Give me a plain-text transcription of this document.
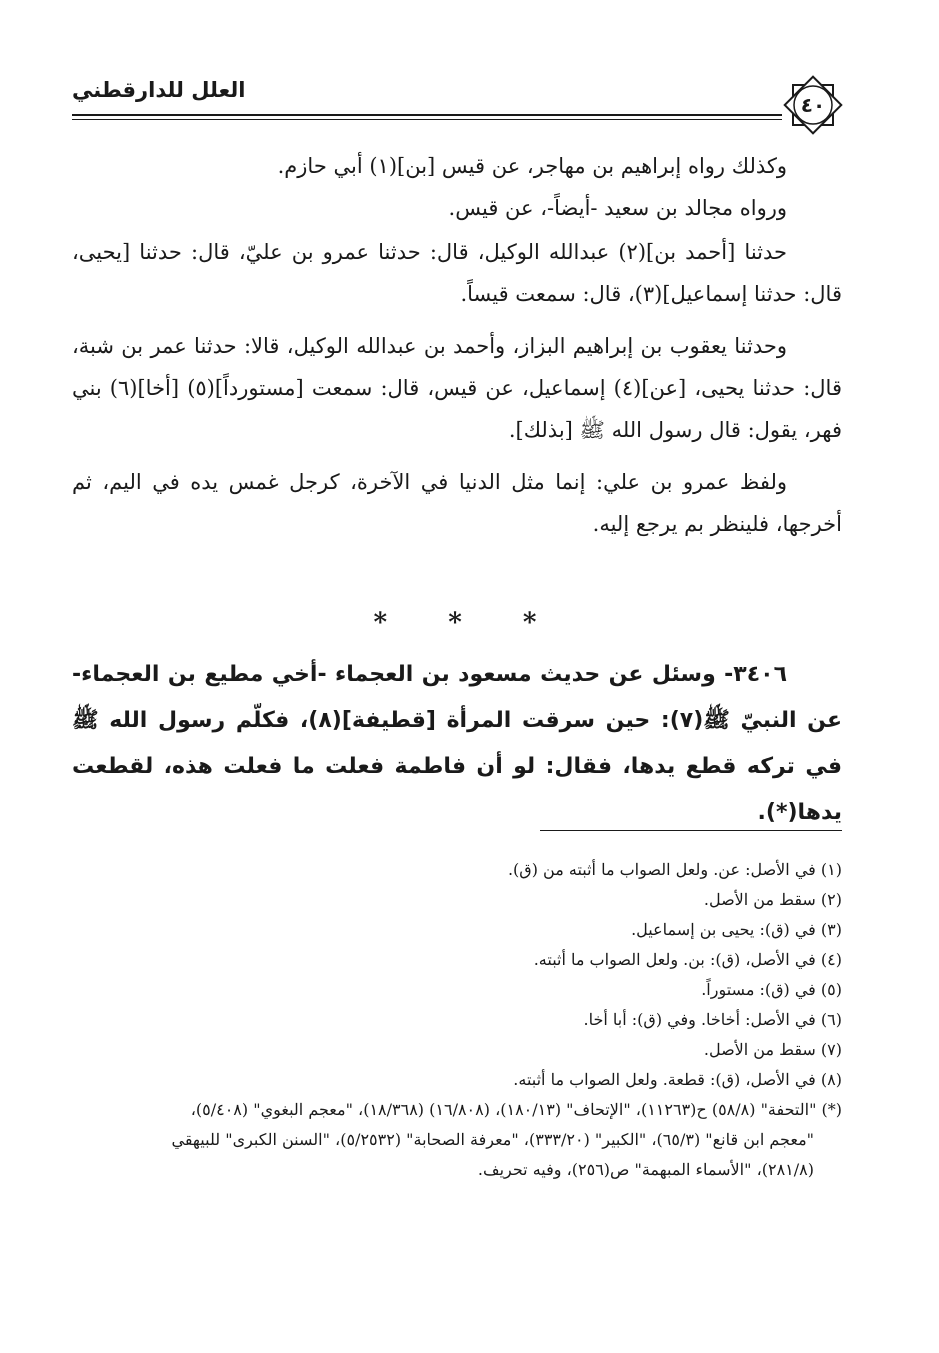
العلل للدارقطني
٤٠

وكذلك رواه إبراهيم بن مهاجر، عن قيس [بن](١) أبي حازم.

ورواه مجالد بن سعيد -أيضاً-، عن قيس.

حدثنا [أحمد بن](٢) عبدالله الوكيل، قال: حدثنا عمرو بن عليّ، قال: حدثنا [يحيى، قال: حدثنا إسماعيل](٣)، قال: سمعت قيساً.

وحدثنا يعقوب بن إبراهيم البزاز، وأحمد بن عبدالله الوكيل، قالا: حدثنا عمر بن شبة، قال: حدثنا يحيى، [عن](٤) إسماعيل، عن قيس، قال: سمعت [مستورداً](٥) [أخا](٦) بني فهر، يقول: قال رسول الله ﷺ [بذلك].

ولفظ عمرو بن علي: إنما مثل الدنيا في الآخرة، كرجل غمس يده في اليم، ثم أخرجها، فلينظر بم يرجع إليه.

* * *

٣٤٠٦- وسئل عن حديث مسعود بن العجماء -أخي مطيع بن العجماء- عن النبيّ ﷺ(٧): حين سرقت المرأة [قطيفة](٨)، فكلّم رسول الله ﷺ في تركه قطع يدها، فقال: لو أن فاطمة فعلت ما فعلت هذه، لقطعت يدها(*).

(١) في الأصل: عن. ولعل الصواب ما أثبته من (ق).

(٢) سقط من الأصل.

(٣) في (ق): يحيى بن إسماعيل.

(٤) في الأصل، (ق): بن. ولعل الصواب ما أثبته.

(٥) في (ق): مستوراً.

(٦) في الأصل: أخاخا. وفي (ق): أبا أخا.

(٧) سقط من الأصل.

(٨) في الأصل، (ق): قطعة. ولعل الصواب ما أثبته.

(*) "التحفة" (٥٨/٨) ح(١١٢٦٣)، "الإتحاف" (١٨٠/١٣)، (١٦/٨٠٨) (١٨/٣٦٨)، "معجم البغوي" (٥/٤٠٨)،

"معجم ابن قانع" (٦٥/٣)، "الكبير" (٣٣٣/٢٠)، "معرفة الصحابة" (٥/٢٥٣٢)، "السنن الكبرى" للبيهقي

(٢٨١/٨)، "الأسماء المبهمة" ص(٢٥٦)، وفيه تحريف.
